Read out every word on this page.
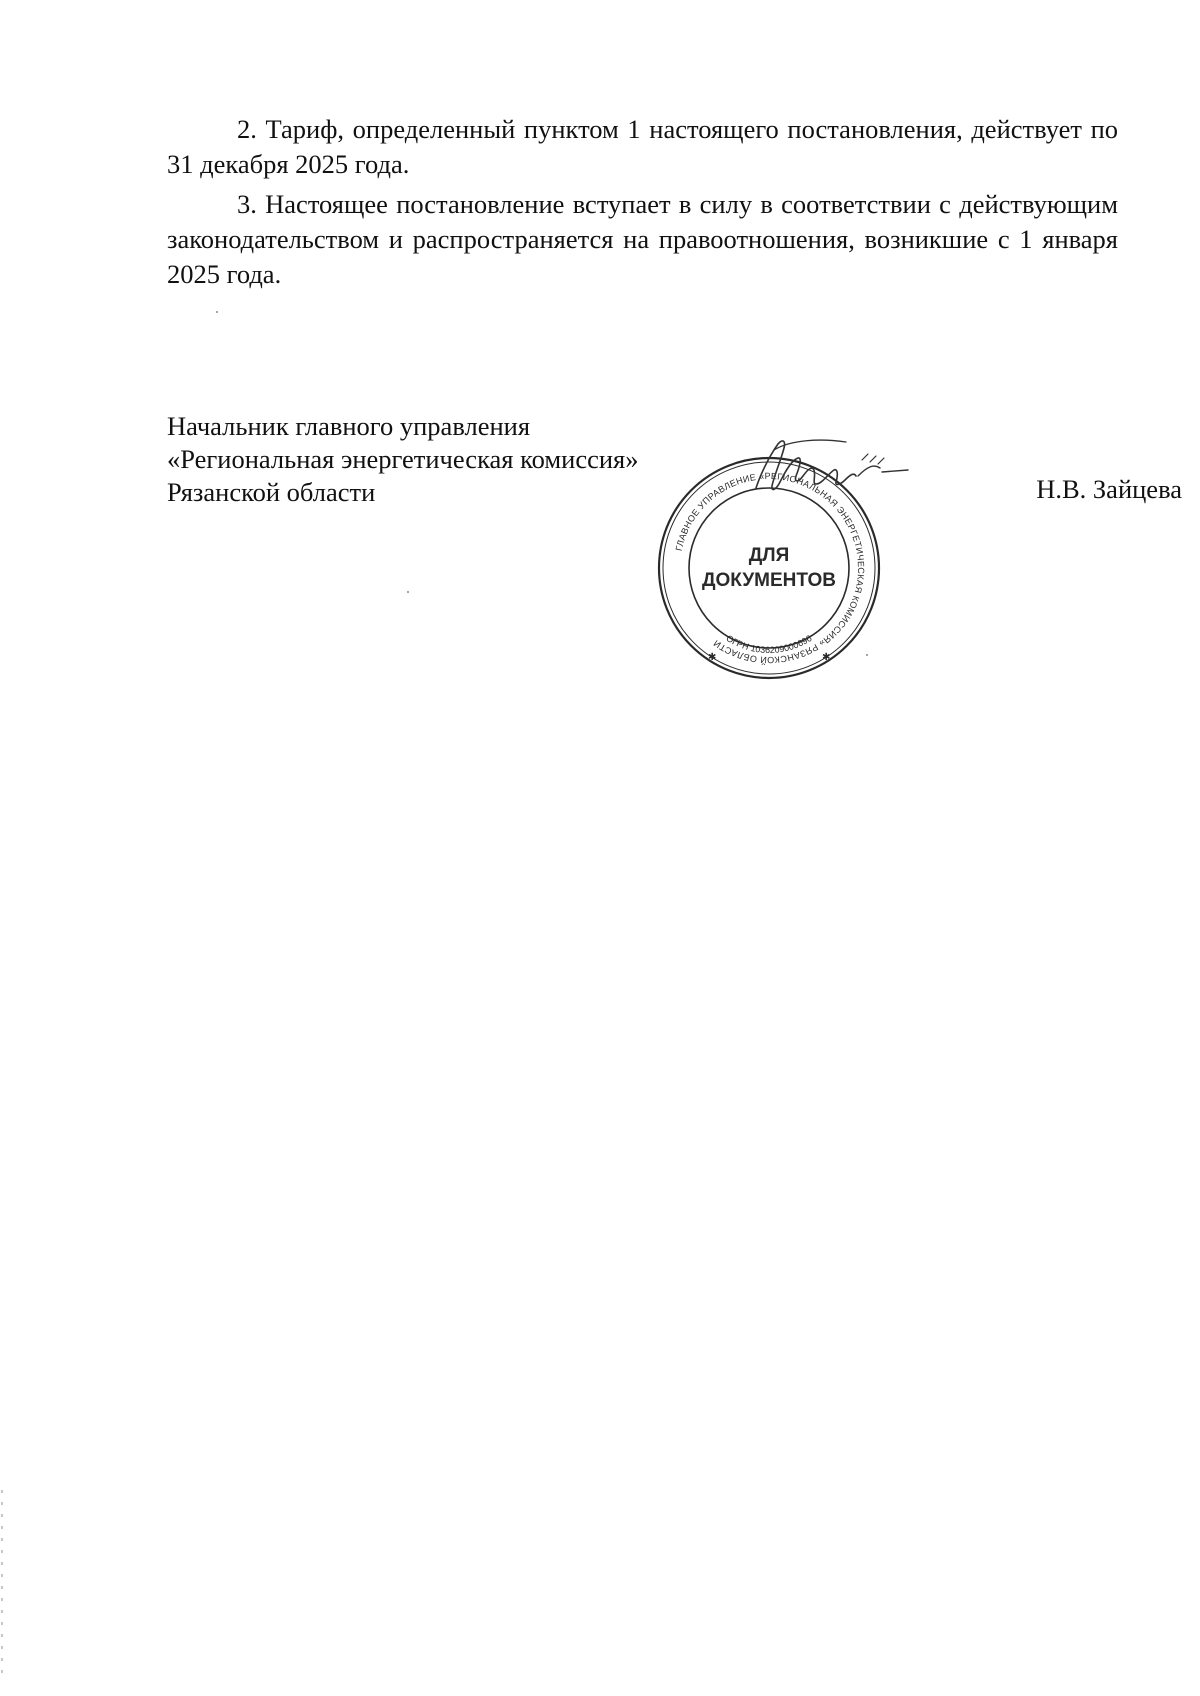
2. Тариф, определенный пунктом 1 настоящего постановления, действует по 31 декабря 2025 года.

3. Настоящее постановление вступает в силу в соответствии с действующим законодательством и распространяется на правоотношения, возникшие с 1 января 2025 года.

Начальник главного управления
«Региональная энергетическая комиссия»
Рязанской области	Н.В. Зайцева
ГЛАВНОЕ УПРАВЛЕНИЕ «РЕГИОНАЛЬНАЯ ЭНЕРГЕТИЧЕСКАЯ КОМИССИЯ» РЯЗАНСКОЙ ОБЛАСТИ ОГРН 1036209000696
ДЛЯ
ДОКУМЕНТОВ
✱	✱
